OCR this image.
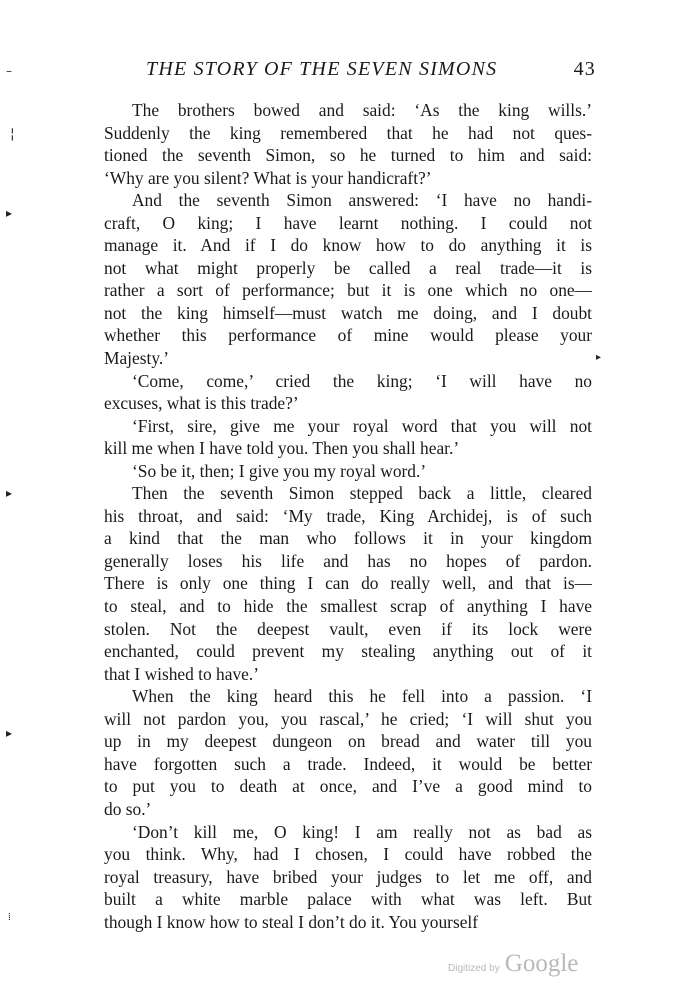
THE STORY OF THE SEVEN SIMONS	43
The brothers bowed and said: ‘As the king wills.’
Suddenly the king remembered that he had not ques-
tioned the seventh Simon, so he turned to him and said:
‘Why are you silent? What is your handicraft?’
And the seventh Simon answered: ‘I have no handi-
craft, O king; I have learnt nothing. I could not
manage it. And if I do know how to do anything it is
not what might properly be called a real trade—it is
rather a sort of performance; but it is one which no one—
not the king himself—must watch me doing, and I doubt
whether this performance of mine would please your
Majesty.’
‘Come, come,’ cried the king; ‘I will have no
excuses, what is this trade?’
‘First, sire, give me your royal word that you will not
kill me when I have told you. Then you shall hear.’
‘So be it, then; I give you my royal word.’
Then the seventh Simon stepped back a little, cleared
his throat, and said: ‘My trade, King Archidej, is of such
a kind that the man who follows it in your kingdom
generally loses his life and has no hopes of pardon.
There is only one thing I can do really well, and that is—
to steal, and to hide the smallest scrap of anything I have
stolen. Not the deepest vault, even if its lock were
enchanted, could prevent my stealing anything out of it
that I wished to have.’
When the king heard this he fell into a passion. ‘I
will not pardon you, you rascal,’ he cried; ‘I will shut you
up in my deepest dungeon on bread and water till you
have forgotten such a trade. Indeed, it would be better
to put you to death at once, and I’ve a good mind to
do so.’
‘Don’t kill me, O king! I am really not as bad as
you think. Why, had I chosen, I could have robbed the
royal treasury, have bribed your judges to let me off, and
built a white marble palace with what was left. But
though I know how to steal I don’t do it. You yourself
–
¦
▸
▸
▸
▸
⁞
Digitized by Google
